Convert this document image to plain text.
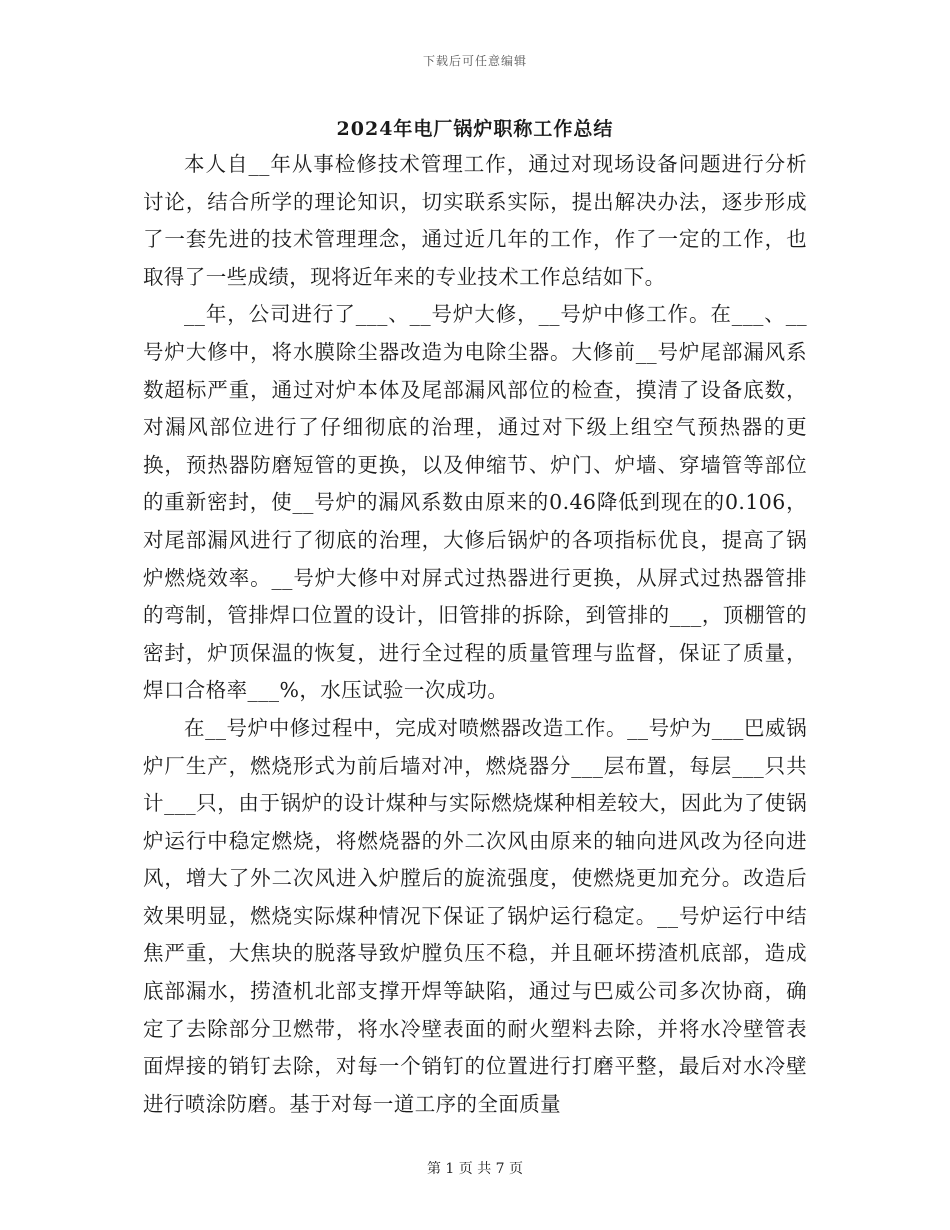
下载后可任意编辑
2024年电厂锅炉职称工作总结

本人自__年从事检修技术管理工作，通过对现场设备问题进行分析讨论，结合所学的理论知识，切实联系实际，提出解决办法，逐步形成了一套先进的技术管理理念，通过近几年的工作，作了一定的工作，也取得了一些成绩，现将近年来的专业技术工作总结如下。

__年，公司进行了___、__号炉大修，__号炉中修工作。在___、__号炉大修中，将水膜除尘器改造为电除尘器。大修前__号炉尾部漏风系数超标严重，通过对炉本体及尾部漏风部位的检查，摸清了设备底数，对漏风部位进行了仔细彻底的治理，通过对下级上组空气预热器的更换，预热器防磨短管的更换，以及伸缩节、炉门、炉墙、穿墙管等部位的重新密封，使__号炉的漏风系数由原来的0.46降低到现在的0.106，对尾部漏风进行了彻底的治理，大修后锅炉的各项指标优良，提高了锅炉燃烧效率。__号炉大修中对屏式过热器进行更换，从屏式过热器管排的弯制，管排焊口位置的设计，旧管排的拆除，到管排的___，顶棚管的密封，炉顶保温的恢复，进行全过程的质量管理与监督，保证了质量，焊口合格率___%，水压试验一次成功。

在__号炉中修过程中，完成对喷燃器改造工作。__号炉为___巴威锅炉厂生产，燃烧形式为前后墙对冲，燃烧器分___层布置，每层___只共计___只，由于锅炉的设计煤种与实际燃烧煤种相差较大，因此为了使锅炉运行中稳定燃烧，将燃烧器的外二次风由原来的轴向进风改为径向进风，增大了外二次风进入炉膛后的旋流强度，使燃烧更加充分。改造后效果明显，燃烧实际煤种情况下保证了锅炉运行稳定。__号炉运行中结焦严重，大焦块的脱落导致炉膛负压不稳，并且砸坏捞渣机底部，造成底部漏水，捞渣机北部支撑开焊等缺陷，通过与巴威公司多次协商，确定了去除部分卫燃带，将水冷壁表面的耐火塑料去除，并将水冷壁管表面焊接的销钉去除，对每一个销钉的位置进行打磨平整，最后对水冷壁进行喷涂防磨。基于对每一道工序的全面质量

第 1 页 共 7 页
